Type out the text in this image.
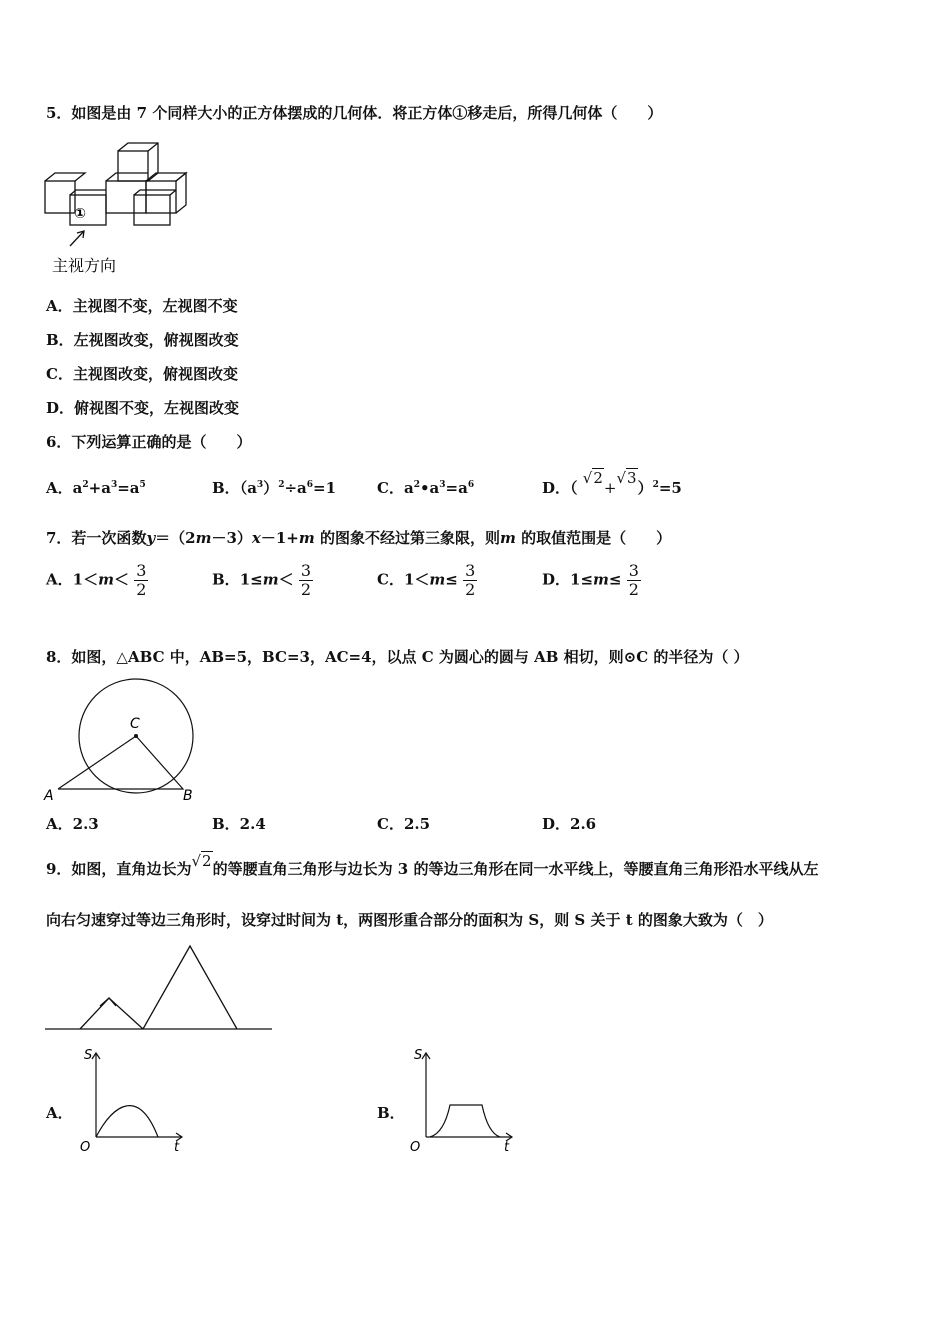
5．如图是由 7 个同样大小的正方体摆成的几何体．将正方体①移走后，所得几何体（　　）
①
主视方向
A．主视图不变，左视图不变
B．左视图改变，俯视图改变
C．主视图改变，俯视图改变
D．俯视图不变，左视图改变
6．下列运算正确的是（　　）
A．$a^2+a^3=a^5$	B．$(a^3)^2\div a^6=1$	C．$a^2•a^3=a^6$	D．（ √2+√3）$^2$=5
7．若一次函数y＝（2m－3）x－1+m 的图象不经过第三象限，则m 的取值范围是（　　）
A．$1<m< \frac{3}{2}$	B．$1\le m< \frac{3}{2}$	C．$1<m\le \frac{3}{2}$	D．$1\le m\le \frac{3}{2}$
8．如图，△ABC 中，AB=5，BC=3，AC=4，以点 C 为圆心的圆与 AB 相切，则⊙C 的半径为（ ）
C
A	B
A．2.3	B．2.4	C．2.5	D．2.6
9．如图，直角边长为√2的等腰直角三角形与边长为 3 的等边三角形在同一水平线上，等腰直角三角形沿水平线从左
向右匀速穿过等边三角形时，设穿过时间为 t，两图形重合部分的面积为 S，则 S 关于 t 的图象大致为（　）
A．
S
t
O
B．
S
t
O
